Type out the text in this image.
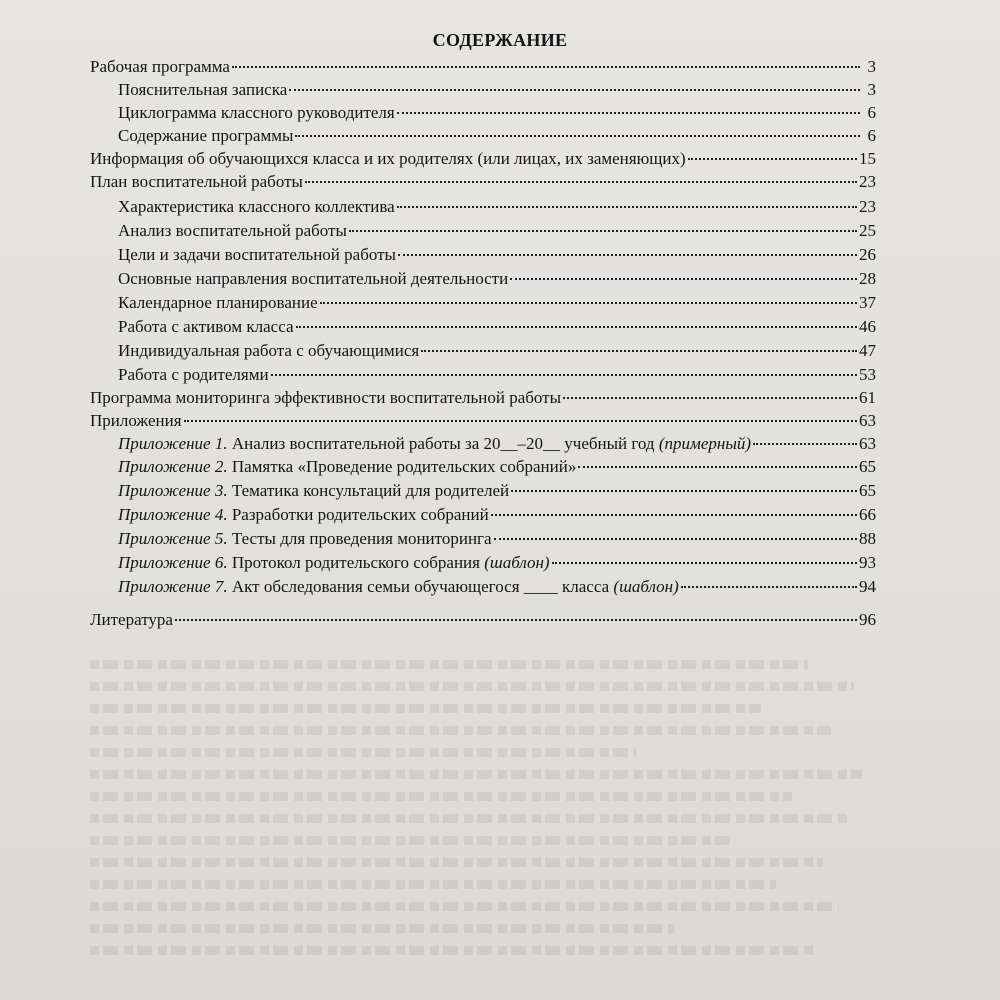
СОДЕРЖАНИЕ
Рабочая программа	3
Пояснительная записка	3
Циклограмма классного руководителя	6
Содержание программы	6
Информация об обучающихся класса и их родителях (или лицах, их заменяющих)	15
План воспитательной работы	23
Характеристика классного коллектива	23
Анализ воспитательной работы	25
Цели и задачи воспитательной работы	26
Основные направления воспитательной деятельности	28
Календарное планирование	37
Работа с активом класса	46
Индивидуальная работа с обучающимися	47
Работа с родителями	53
Программа мониторинга эффективности воспитательной работы	61
Приложения	63
Приложение 1. Анализ воспитательной работы за 20__–20__ учебный год (примерный)	63
Приложение 2. Памятка «Проведение родительских собраний»	65
Приложение 3. Тематика консультаций для родителей	65
Приложение 4. Разработки родительских собраний	66
Приложение 5. Тесты для проведения мониторинга	88
Приложение 6. Протокол родительского собрания (шаблон)	93
Приложение 7. Акт обследования семьи обучающегося ____ класса (шаблон)	94
Литература	96
